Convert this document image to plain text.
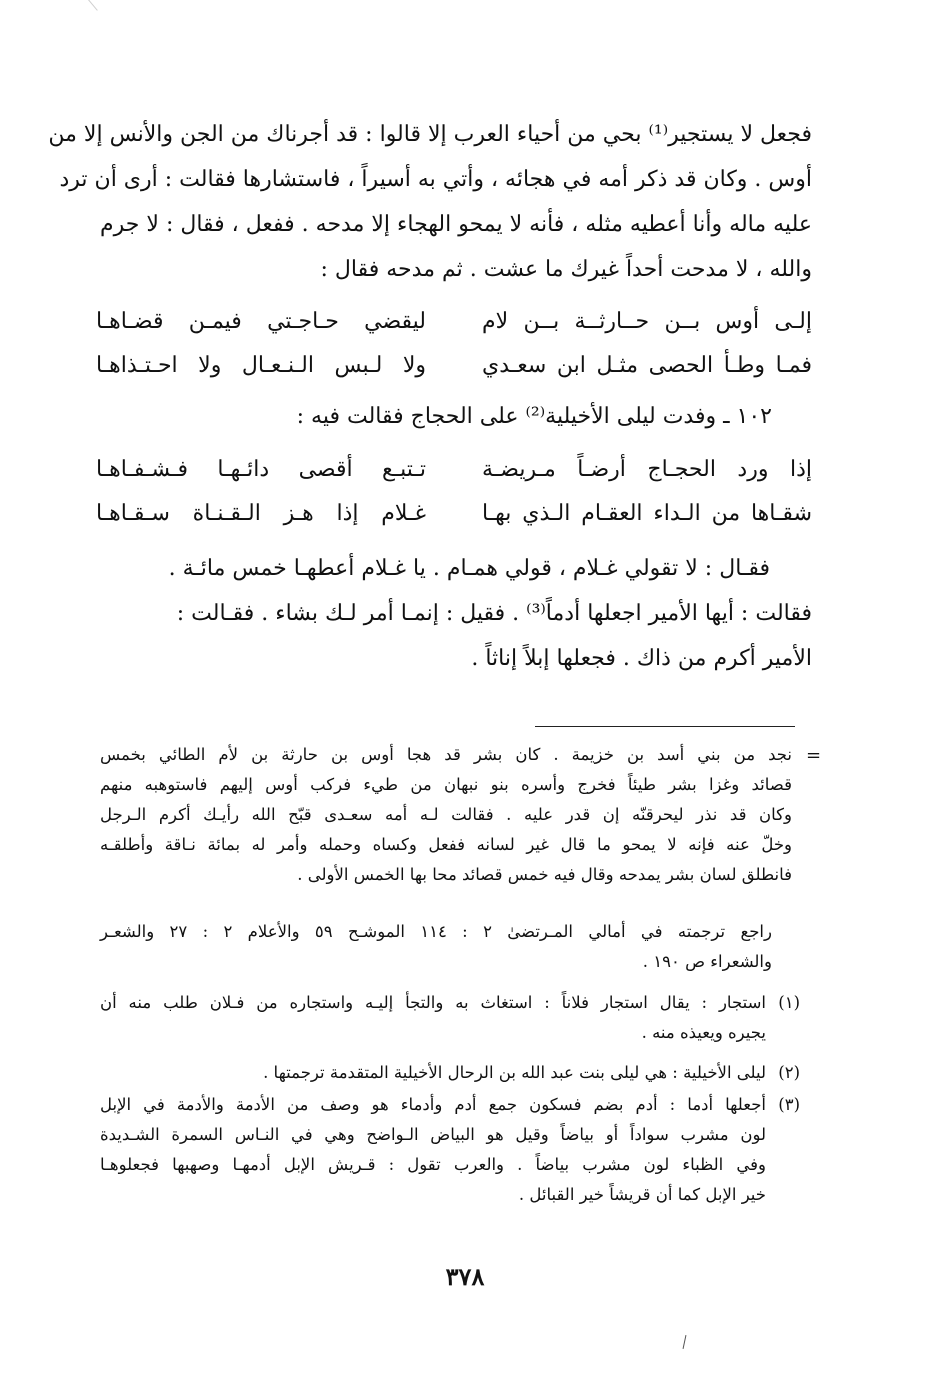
فجعل لا يستجير⁽¹⁾ بحي من أحياء العرب إلا قالوا : قد أجرناك من الجن والأنس إلا من

أوس . وكان قد ذكر أمه في هجائه ، وأتي به أسيراً ، فاستشارها فقالت : أرى أن ترد

عليه ماله وأنا أعطيه مثله ، فأنه لا يمحو الهجاء إلا مدحه . ففعل ، فقال : لا جرم

والله ، لا مدحت أحداً غيرك ما عشت . ثم مدحه فقال :

إلـى أوس بــن حــارثــة بــن لام
ليقضي حـاجـتي فيمـن قضـاهـا
فمـا وطـأ الحصى مثـل ابن سعـدي
ولا لـبس الـنـعـال ولا احـتـذاهـا
١٠٢ ـ وفدت ليلى الأخيلية⁽²⁾ على الحجاج فقالت فيه :
إذا ورد الحجـاج أرضـاً مـريضـة
تـتبـع أقصى دائـهـا فـشـفـاهـا
شقـاها من الـداء العقـام الـذي بهـا
غـلام إذا هـز الـقـنـاة سـقـاهـا

فقـال : لا تقولي غـلام ، قولي همـام . يا غـلام أعطهـا خمس مائـة .

فقالت : أيها الأمير اجعلها أدماً⁽³⁾ . فقيل : إنمـا أمر لـك بشاء . فقـالت :

الأمير أكرم من ذاك . فجعلها إبلاً إناثاً .

=
نجد من بني أسد بن خزيمة . كان بشر قد هجا أوس بن حارثة بن لأم الطائي بخمس
قصائد وغزا بشر طيئاً فخرج وأسره بنو نبهان من طيء فركب أوس إليهم فاستوهبه منهم
وكان قد نذر ليحرقنّه إن قدر عليه . فقالت لـه أمه سعـدى قبّح الله رأيـك أكرم الـرجل
وخلّ عنه فإنه لا يمحو ما قال غير لسانه ففعل وكساه وحمله وأمر له بمائة نـاقة وأطلقـه
فانطلق لسان بشر يمدحه وقال فيه خمس قصائد محا بها الخمس الأولى .
راجع ترجمته في أمالي المـرتضىٰ ٢ : ١١٤ الموشـح ٥٩ والأعلام ٢ : ٢٧ والشعـر
والشعراء ص ١٩٠ .
(١)
استجار : يقال استجار فلاناً : استغاث به والتجأ إليـه واستجاره من فـلان طلب منه أن
يجيره ويعيذه منه .
(٢)
ليلى الأخيلية : هي ليلى بنت عبد الله بن الرحال الأخيلية المتقدمة ترجمتها .
(٣)
أجعلها أدما : أدم بضم فسكون جمع أدم وأدماء هو وصف من الأدمة والأدمة في الإبل
لون مشرب سواداً أو بياضاً وقيل هو البياض الـواضح وهي في النـاس السمرة الشـديدة
وفي الظباء لون مشرب بياضاً . والعرب تقول : قـريش الإبل أدمهـا وصهبها فجعلوهـا
خير الإبل كما أن قريشاً خير القبائل .
٣٧٨
